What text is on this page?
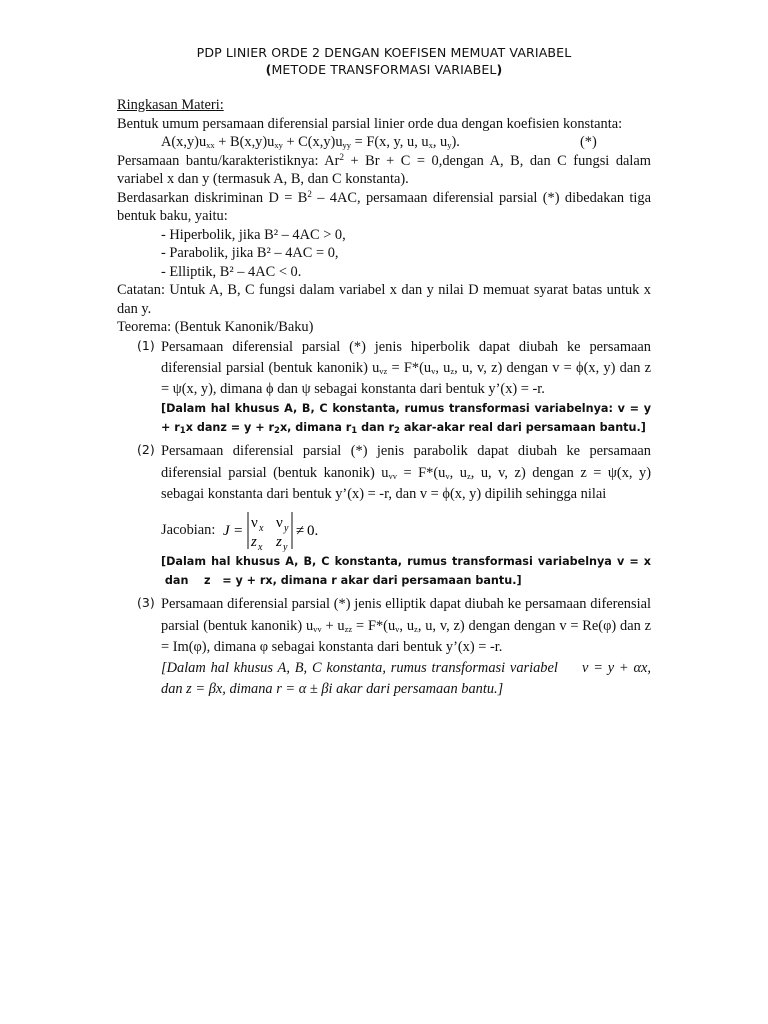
PDP LINIER ORDE 2 DENGAN KOEFISEN MEMUAT VARIABEL
(METODE TRANSFORMASI VARIABEL)

Ringkasan Materi:

Bentuk umum persamaan diferensial parsial linier orde dua dengan koefisien konstanta:

$A(x,y)u_{xx} + B(x,y)u_{xy} + C(x,y)u_{yy} = F(x$, y, u, $u_x$, $u_y$).	(*)

Persamaan bantu/karakteristiknya: $Ar^2 + Br + C$ = 0,dengan A, B, dan C fungsi dalam variabel x dan y (termasuk A, B, dan C konstanta).

Berdasarkan diskriminan $D = B^2 - 4AC$, persamaan diferensial parsial (*) dibedakan tiga bentuk baku, yaitu:

- Hiperbolik, jika B² – 4AC > 0,
- Parabolik, jika B² – 4AC = 0,
- Elliptik, B² – 4AC < 0.

Catatan: Untuk A, B, C fungsi dalam variabel x dan y nilai D memuat syarat batas untuk x dan y.

Teorema: (Bentuk Kanonik/Baku)

(1) Persamaan diferensial parsial (*) jenis hiperbolik dapat diubah ke persamaan diferensial parsial (bentuk kanonik) $u_{vz} = F*(u_v$, $u_z$, u, v, z) dengan v = ϕ(x, y) dan z = ψ(x, y), dimana ϕ dan ψ sebagai konstanta dari bentuk y’(x) = -r.

[Dalam hal khusus A, B, C konstanta, rumus transformasi variabelnya: $v = y + r_1x$ danz = $y + r_2x$, dimana $r_1$ dan $r_2$ akar-akar real dari persamaan bantu.]
(2) Persamaan diferensial parsial (*) jenis parabolik dapat diubah ke persamaan diferensial parsial (bentuk kanonik) $u_{vv} = F*(u_v$, $u_z$, u, v, z) dengan z = ψ(x, y) sebagai konstanta dari bentuk y’(x) = -r, dan v = ϕ(x, y) dipilih sehingga nilai

Jacobian: J = ν x ν y
z x z y
≠ 0.
[Dalam hal khusus A, B, C konstanta, rumus transformasi variabelnya v = x  dan    z   = y + rx, dimana r akar dari persamaan bantu.]
(3) Persamaan diferensial parsial (*) jenis elliptik dapat diubah ke persamaan diferensial parsial (bentuk kanonik) $u_{vv} + u_{zz} = F*(u_v$, $u_z$, u, v, z) dengan dengan v = Re(φ) dan z = Im(φ), dimana φ sebagai konstanta dari bentuk y’(x) = -r.

[Dalam hal khusus A, B, C konstanta, rumus transformasi variabel     v = y + αx, dan z = βx, dimana r = α ± βi akar dari persamaan bantu.]
